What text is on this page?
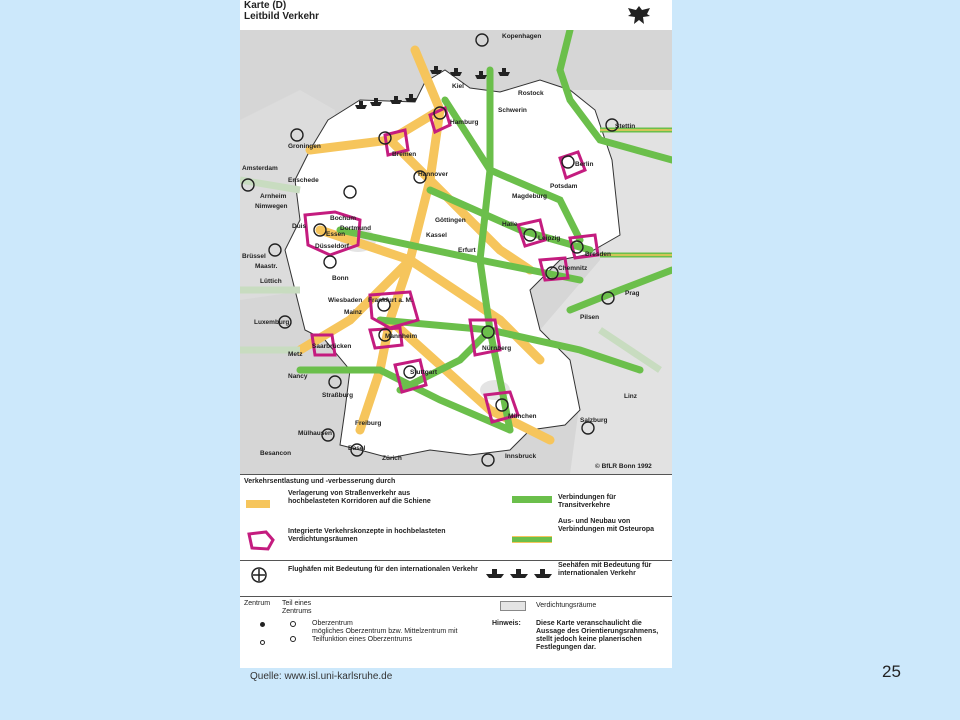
Karte (D)
Leitbild Verkehr
Kopenhagen
Kiel
Rostock
Hamburg
Schwerin
Stettin
Groningen
Bremen
Berlin
Potsdam
Amsterdam
Enschede
Hannover
Arnheim
Nimwegen
Magdeburg
Bochum
Dortmund
Göttingen
Duis
Essen	Kassel
Halle
Leipzig
Düsseldorf
Brüssel
Maastr.
Erfurt
Dresden
Chemnitz
Lüttich	Bonn
Wiesbaden Frankfurt a. M.
Prag
Mainz
Pilsen
Luxemburg
Mannheim
Saarbrücken	Nürnberg
Metz
Nancy
Stuttgart
Straßburg	Linz
München
Salzburg
Mülhausen
Freiburg
Basel
Zürich
Besancon	Innsbruck
© BfLR Bonn 1992
Verkehrsentlastung und -verbesserung durch
Verlagerung von Straßenverkehr aus hochbelasteten Korridoren auf die Schiene
Verbindungen für Transitverkehre
Integrierte Verkehrskonzepte in hochbelasteten Verdichtungsräumen
Aus- und Neubau von Verbindungen mit Osteuropa
Flughäfen mit Bedeutung für den internationalen Verkehr
Seehäfen mit Bedeutung für internationalen Verkehr
Zentrum Teil eines Zentrums
Oberzentrum
mögliches Oberzentrum bzw. Mittelzentrum mit Teilfunktion eines Oberzentrums
Verdichtungsräume
Hinweis: Diese Karte veranschaulicht die Aussage des Orientierungsrahmens, stellt jedoch keine planerischen Festlegungen dar.
Quelle: www.isl.uni-karlsruhe.de	25
